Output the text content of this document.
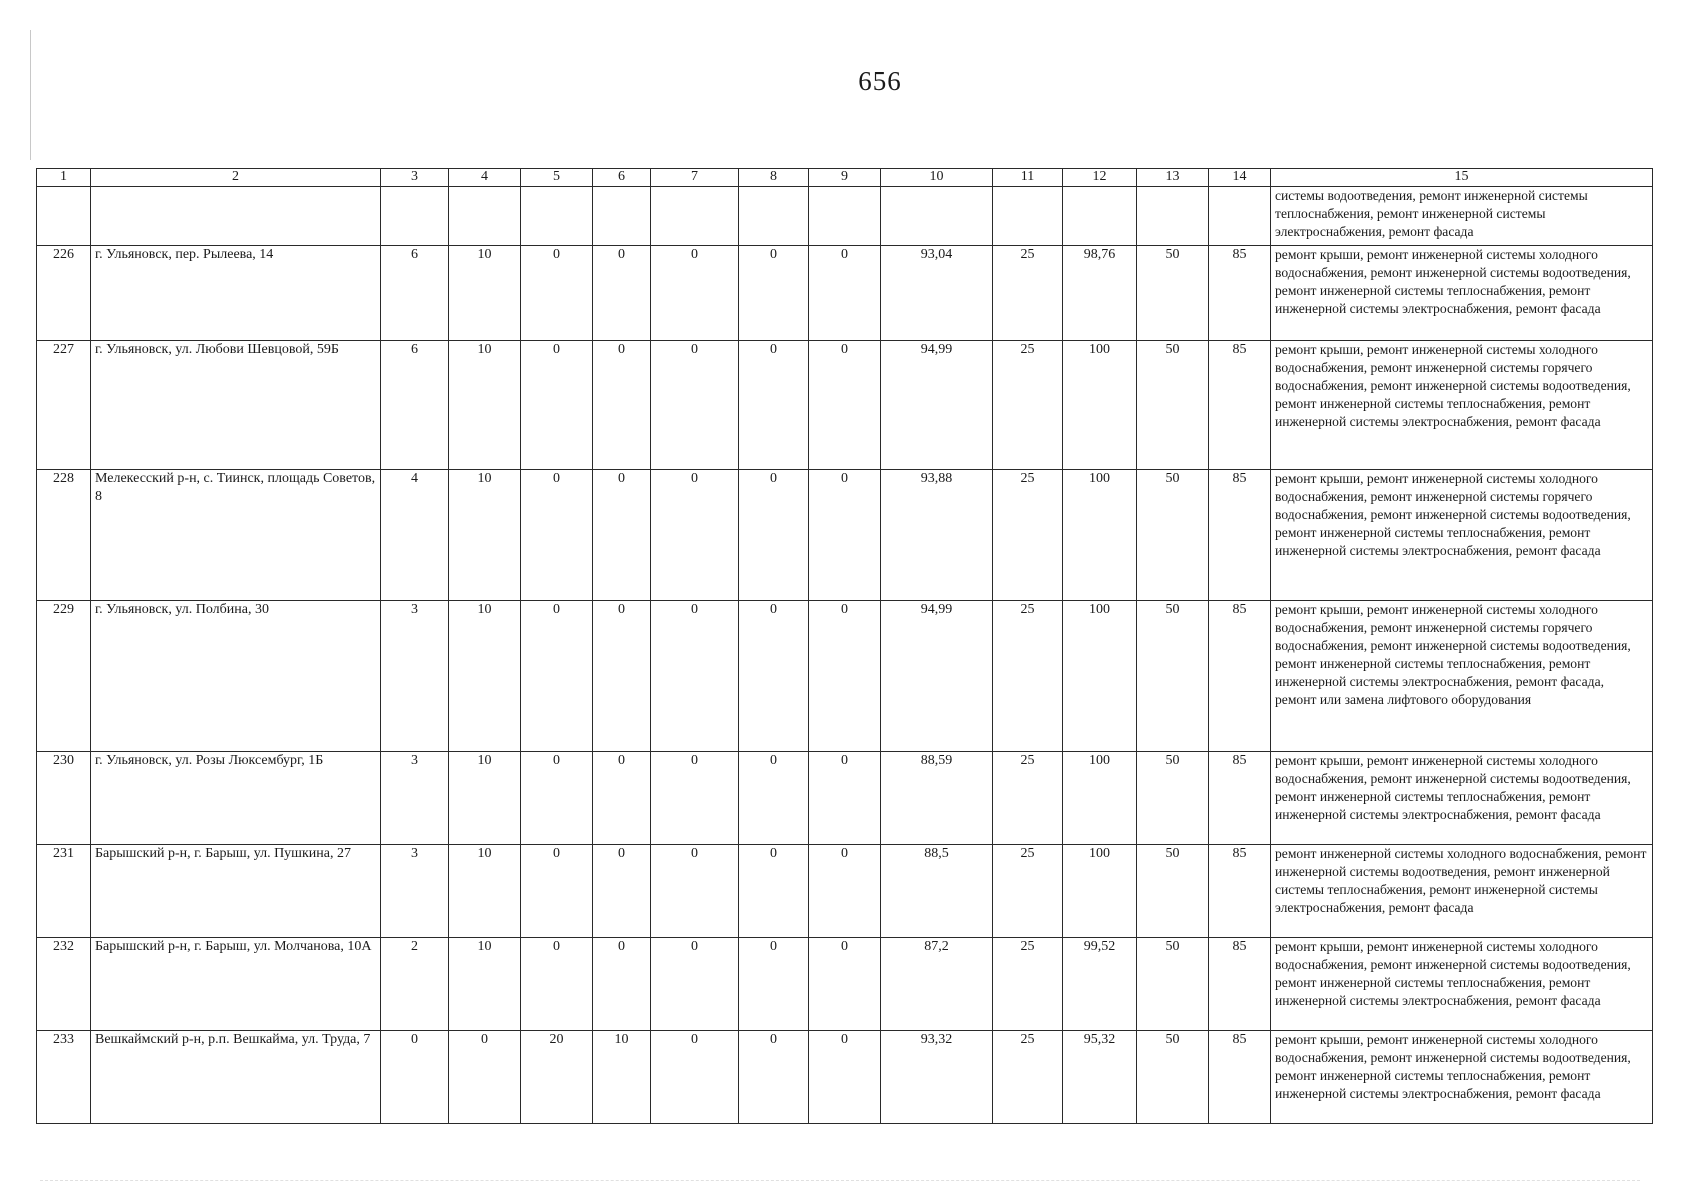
656
1	2	3	4	5	6	7	8	9	10	11	12	13	14	15
														системы водоотведения, ремонт инженерной системы теплоснабжения, ремонт инженерной системы электроснабжения, ремонт фасада
226	г. Ульяновск, пер. Рылеева, 14	6	10	0	0	0	0	0	93,04	25	98,76	50	85	ремонт крыши, ремонт инженерной системы холодного водоснабжения, ремонт инженерной системы водоотведения, ремонт инженерной системы теплоснабжения, ремонт инженерной системы электроснабжения, ремонт фасада
227	г. Ульяновск, ул. Любови Шевцовой, 59Б	6	10	0	0	0	0	0	94,99	25	100	50	85	ремонт крыши, ремонт инженерной системы холодного водоснабжения, ремонт инженерной системы горячего водоснабжения, ремонт инженерной системы водоотведения, ремонт инженерной системы теплоснабжения, ремонт инженерной системы электроснабжения, ремонт фасада
228	Мелекесский р-н, с. Тиинск, площадь Советов, 8	4	10	0	0	0	0	0	93,88	25	100	50	85	ремонт крыши, ремонт инженерной системы холодного водоснабжения, ремонт инженерной системы горячего водоснабжения, ремонт инженерной системы водоотведения, ремонт инженерной системы теплоснабжения, ремонт инженерной системы электроснабжения, ремонт фасада
229	г. Ульяновск, ул. Полбина, 30	3	10	0	0	0	0	0	94,99	25	100	50	85	ремонт крыши, ремонт инженерной системы холодного водоснабжения, ремонт инженерной системы горячего водоснабжения, ремонт инженерной системы водоотведения, ремонт инженерной системы теплоснабжения, ремонт инженерной системы электроснабжения, ремонт фасада, ремонт или замена лифтового оборудования
230	г. Ульяновск, ул. Розы Люксембург, 1Б	3	10	0	0	0	0	0	88,59	25	100	50	85	ремонт крыши, ремонт инженерной системы холодного водоснабжения, ремонт инженерной системы водоотведения, ремонт инженерной системы теплоснабжения, ремонт инженерной системы электроснабжения, ремонт фасада
231	Барышский р-н, г. Барыш, ул. Пушкина, 27	3	10	0	0	0	0	0	88,5	25	100	50	85	ремонт инженерной системы холодного водоснабжения, ремонт инженерной системы водоотведения, ремонт инженерной системы теплоснабжения, ремонт инженерной системы электроснабжения, ремонт фасада
232	Барышский р-н, г. Барыш, ул. Молчанова, 10А	2	10	0	0	0	0	0	87,2	25	99,52	50	85	ремонт крыши, ремонт инженерной системы холодного водоснабжения, ремонт инженерной системы водоотведения, ремонт инженерной системы теплоснабжения, ремонт инженерной системы электроснабжения, ремонт фасада
233	Вешкаймский р-н, р.п. Вешкайма, ул. Труда, 7	0	0	20	10	0	0	0	93,32	25	95,32	50	85	ремонт крыши, ремонт инженерной системы холодного водоснабжения, ремонт инженерной системы водоотведения, ремонт инженерной системы теплоснабжения, ремонт инженерной системы электроснабжения, ремонт фасада
